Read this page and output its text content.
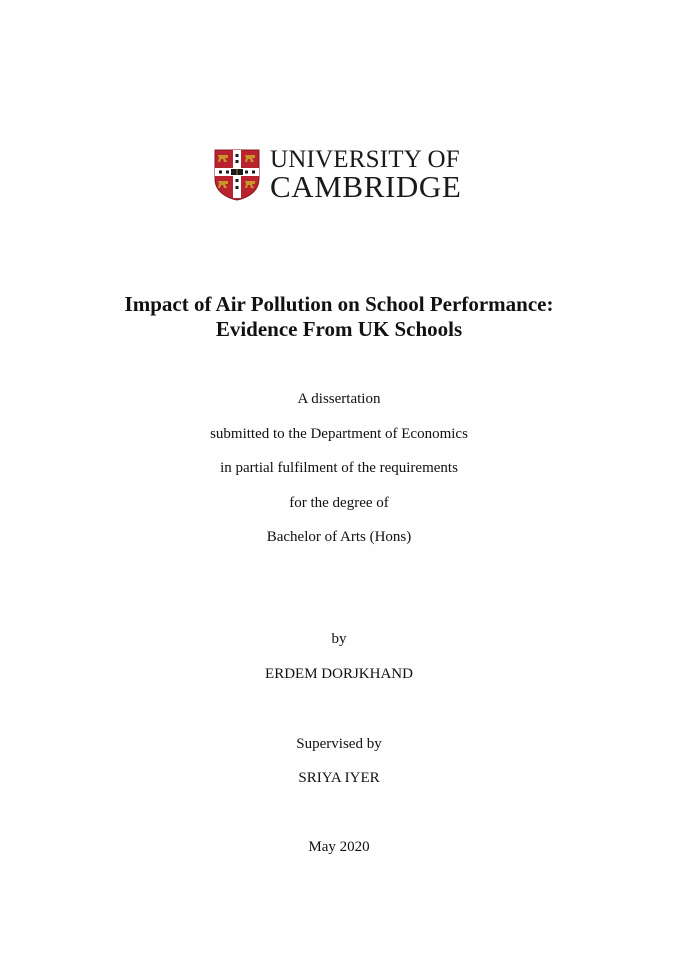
UNIVERSITY OF
CAMBRIDGE
Impact of Air Pollution on School Performance:
Evidence From UK Schools
A dissertation
submitted to the Department of Economics
in partial fulfilment of the requirements
for the degree of
Bachelor of Arts (Hons)
by
ERDEM DORJKHAND
Supervised by
SRIYA IYER
May 2020
